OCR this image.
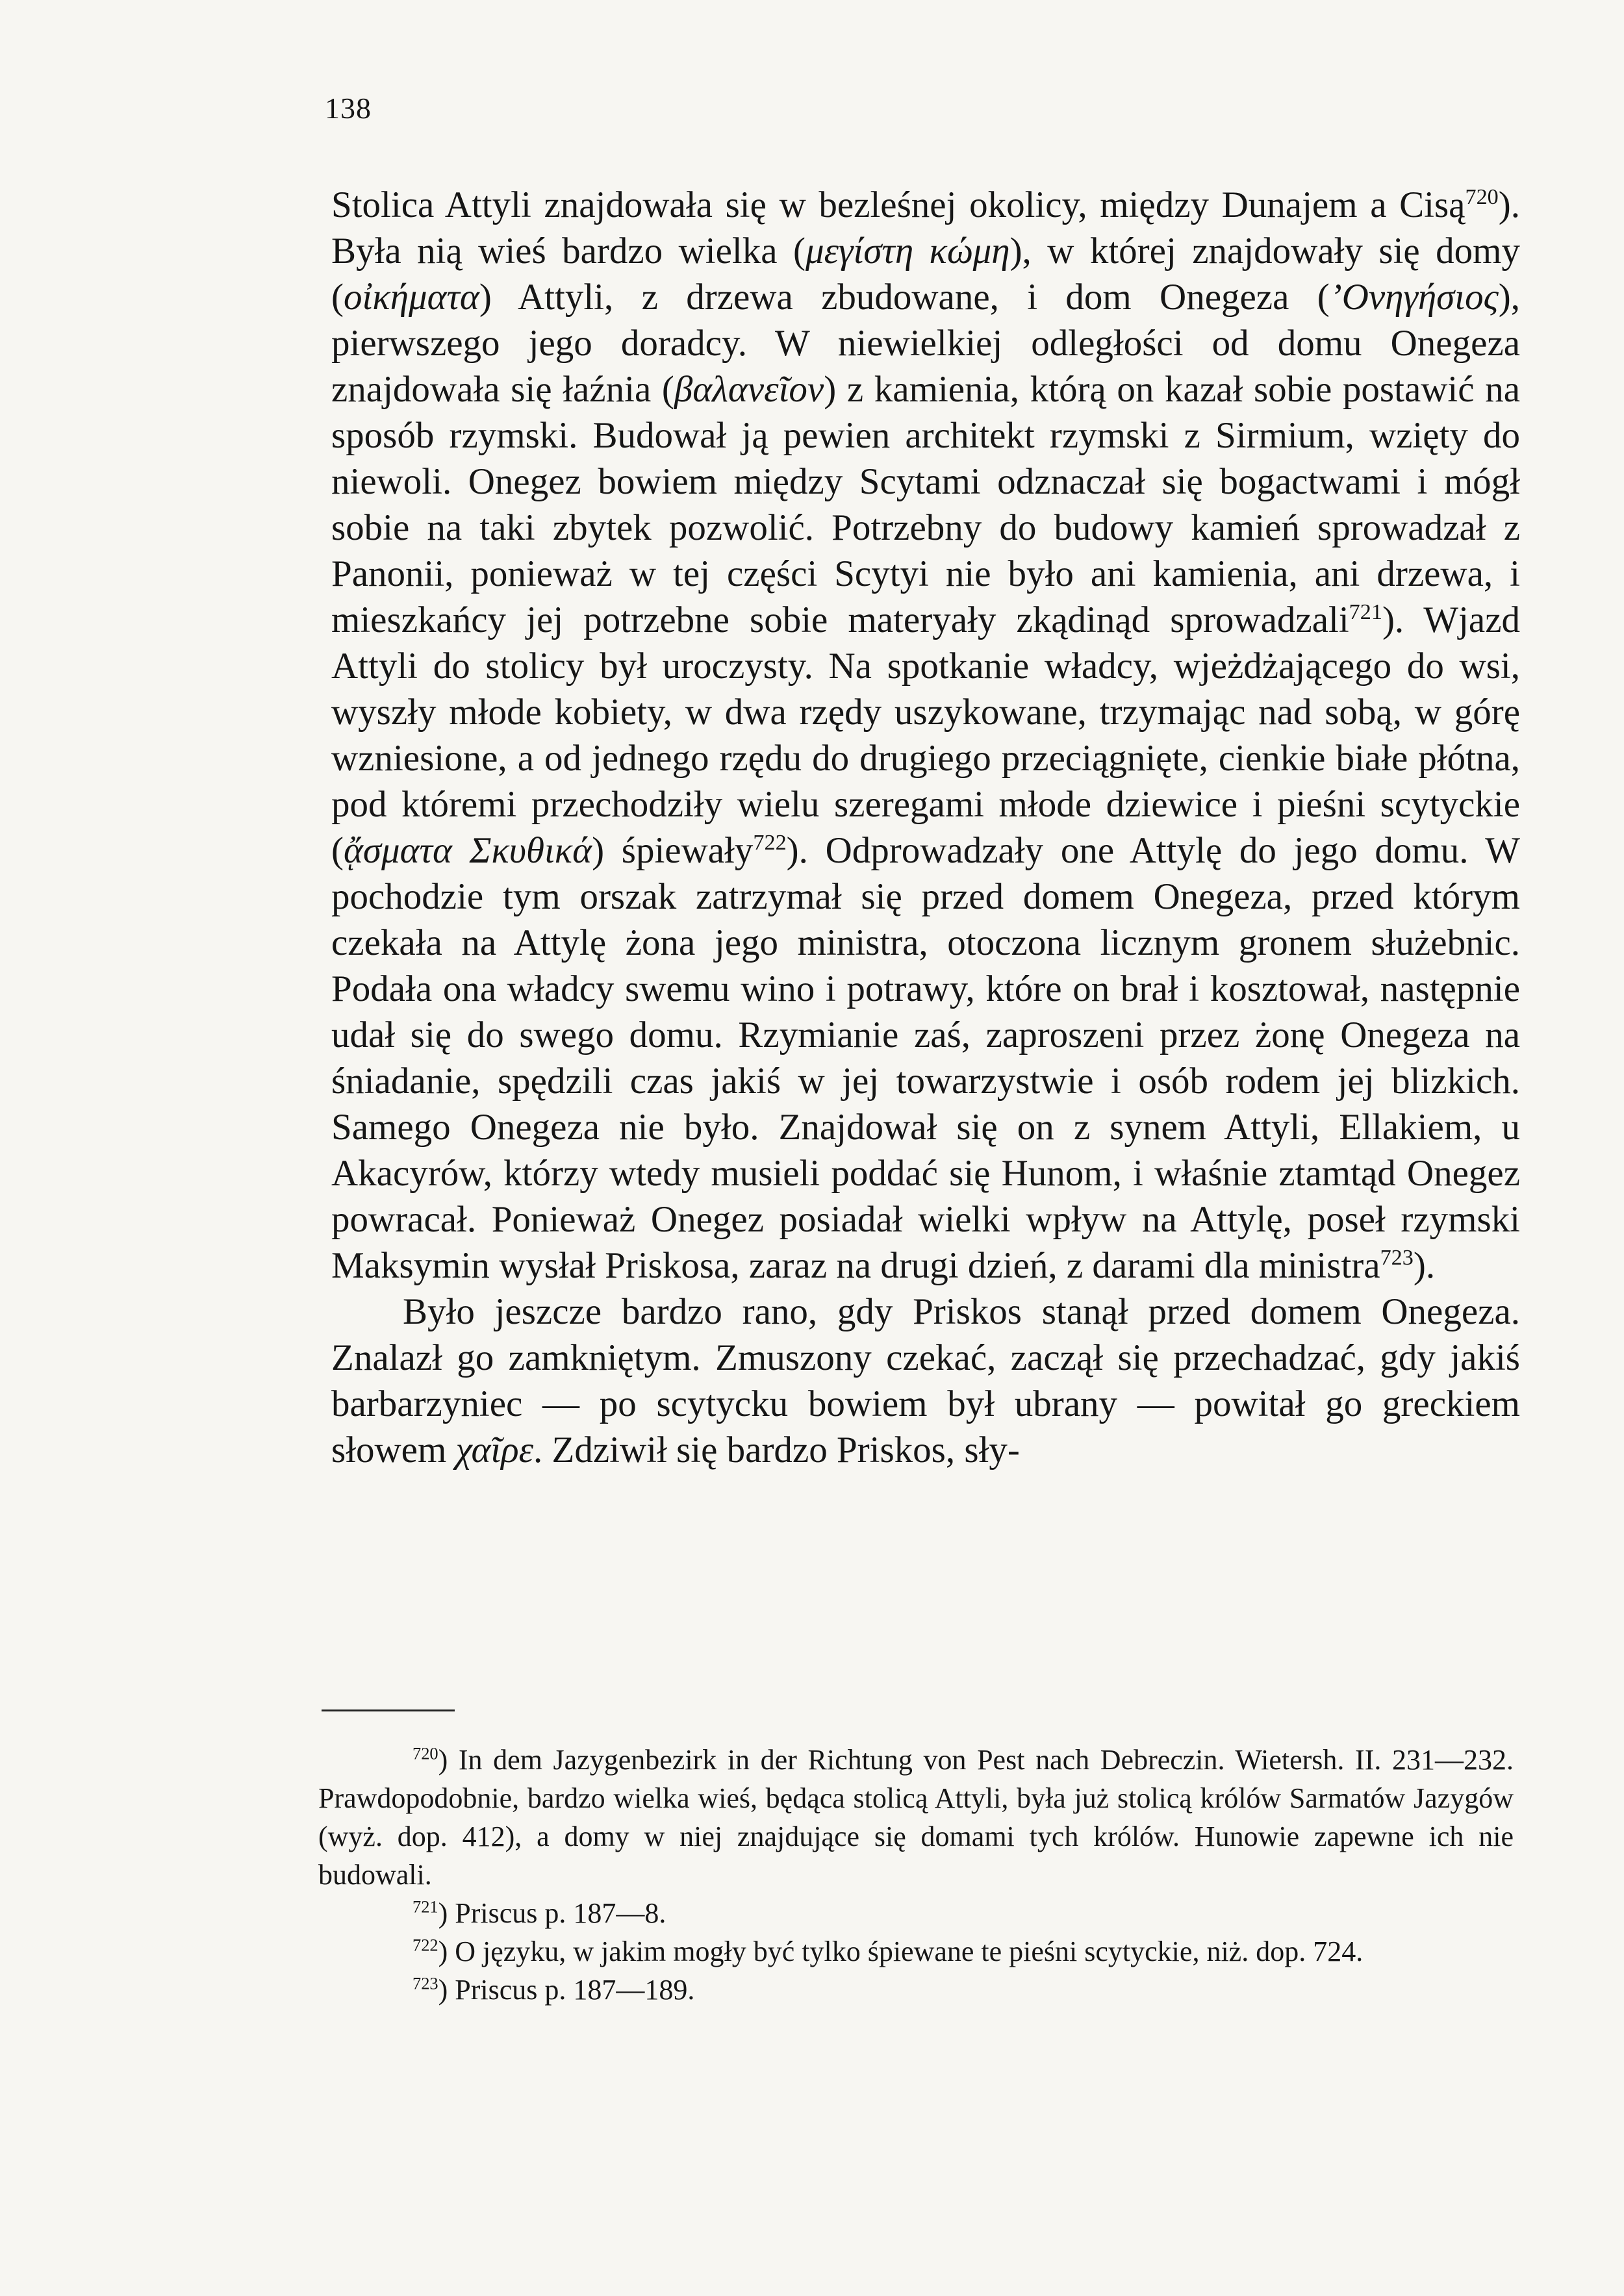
138

Stolica Attyli znajdowała się w bezleśnej okolicy, między Dunajem a Cisą$^{720}$). Była nią wieś bardzo wielka (μεγίστη κώμη), w której znajdowały się domy (οἰκήματα) Attyli, z drzewa zbudowane, i dom Onegeza (’Ονηγήσιος), pierwszego jego doradcy. W niewielkiej odległości od domu Onegeza znajdowała się łaźnia (βαλανεῖον) z kamienia, którą on kazał sobie postawić na sposób rzymski. Budował ją pewien architekt rzymski z Sirmium, wzięty do niewoli. Onegez bowiem między Scytami odznaczał się bogactwami i mógł sobie na taki zbytek pozwolić. Potrzebny do budowy kamień sprowadzał z Panonii, ponieważ w tej części Scytyi nie było ani kamienia, ani drzewa, i mieszkańcy jej potrzebne sobie materyały zkądinąd sprowadzali$^{721}$). Wjazd Attyli do stolicy był uroczysty. Na spotkanie władcy, wjeżdżającego do wsi, wyszły młode kobiety, w dwa rzędy uszykowane, trzymając nad sobą, w górę wzniesione, a od jednego rzędu do drugiego przeciągnięte, cienkie białe płótna, pod któremi przechodziły wielu szeregami młode dziewice i pieśni scytyckie (ᾄσματα Σκυθικά) śpiewały$^{722}$). Odprowadzały one Attylę do jego domu. W pochodzie tym orszak zatrzymał się przed domem Onegeza, przed którym czekała na Attylę żona jego ministra, otoczona licznym gronem służebnic. Podała ona władcy swemu wino i potrawy, które on brał i kosztował, następnie udał się do swego domu. Rzymianie zaś, zaproszeni przez żonę Onegeza na śniadanie, spędzili czas jakiś w jej towarzystwie i osób rodem jej blizkich. Samego Onegeza nie było. Znajdował się on z synem Attyli, Ellakiem, u Akacyrów, którzy wtedy musieli poddać się Hunom, i właśnie ztamtąd Onegez powracał. Ponieważ Onegez posiadał wielki wpływ na Attylę, poseł rzymski Maksymin wysłał Priskosa, zaraz na drugi dzień, z darami dla ministra$^{723}$).

Było jeszcze bardzo rano, gdy Priskos stanął przed domem Onegeza. Znalazł go zamkniętym. Zmuszony czekać, zaczął się przechadzać, gdy jakiś barbarzyniec — po scytycku bowiem był ubrany — powitał go greckiem słowem χαῖρε. Zdziwił się bardzo Priskos, sły-

$^{720}$) In dem Jazygenbezirk in der Richtung von Pest nach Debreczin. Wietersh. II. 231—232. Prawdopodobnie, bardzo wielka wieś, będąca stolicą Attyli, była już stolicą królów Sarmatów Jazygów (wyż. dop. 412), a domy w niej znajdujące się domami tych królów. Hunowie zapewne ich nie budowali.

$^{721}$) Priscus p. 187—8.

$^{722}$) O języku, w jakim mogły być tylko śpiewane te pieśni scytyckie, niż. dop. 724.

$^{723}$) Priscus p. 187—189.
